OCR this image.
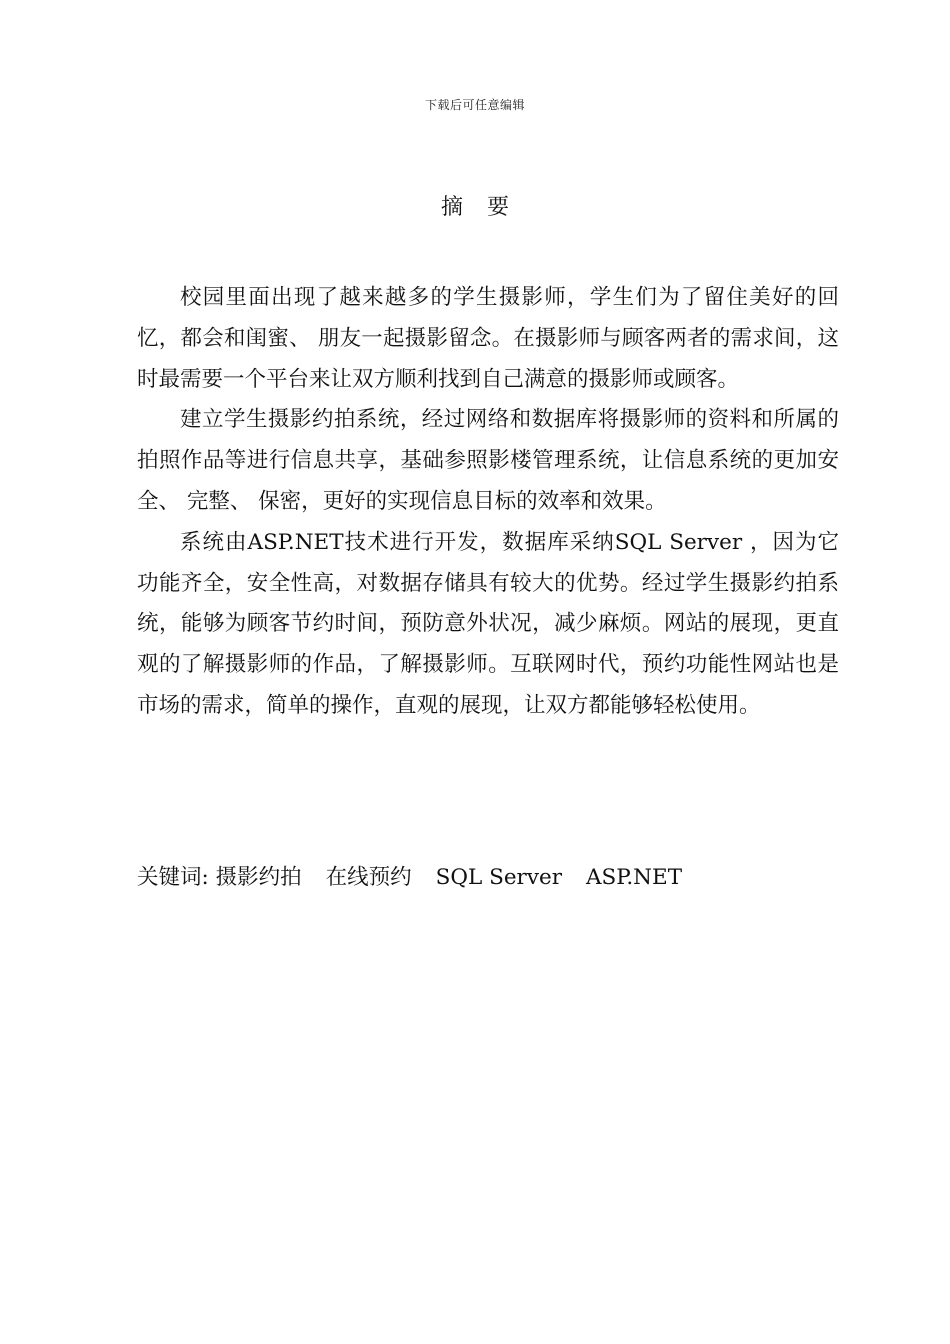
下载后可任意编辑
摘要

校园里面出现了越来越多的学生摄影师，学生们为了留住美好的回忆，都会和闺蜜、 朋友一起摄影留念。在摄影师与顾客两者的需求间，这时最需要一个平台来让双方顺利找到自己满意的摄影师或顾客。

建立学生摄影约拍系统，经过网络和数据库将摄影师的资料和所属的拍照作品等进行信息共享，基础参照影楼管理系统，让信息系统的更加安全、 完整、 保密，更好的实现信息目标的效率和效果。

系统由ASP.NET技术进行开发，数据库采纳SQL Server ，因为它功能齐全，安全性高，对数据存储具有较大的优势。经过学生摄影约拍系统，能够为顾客节约时间，预防意外状况，减少麻烦。网站的展现，更直观的了解摄影师的作品，了解摄影师。互联网时代，预约功能性网站也是市场的需求，简单的操作，直观的展现，让双方都能够轻松使用。

关键词: 摄影约拍 在线预约 SQL Server ASP.NET
